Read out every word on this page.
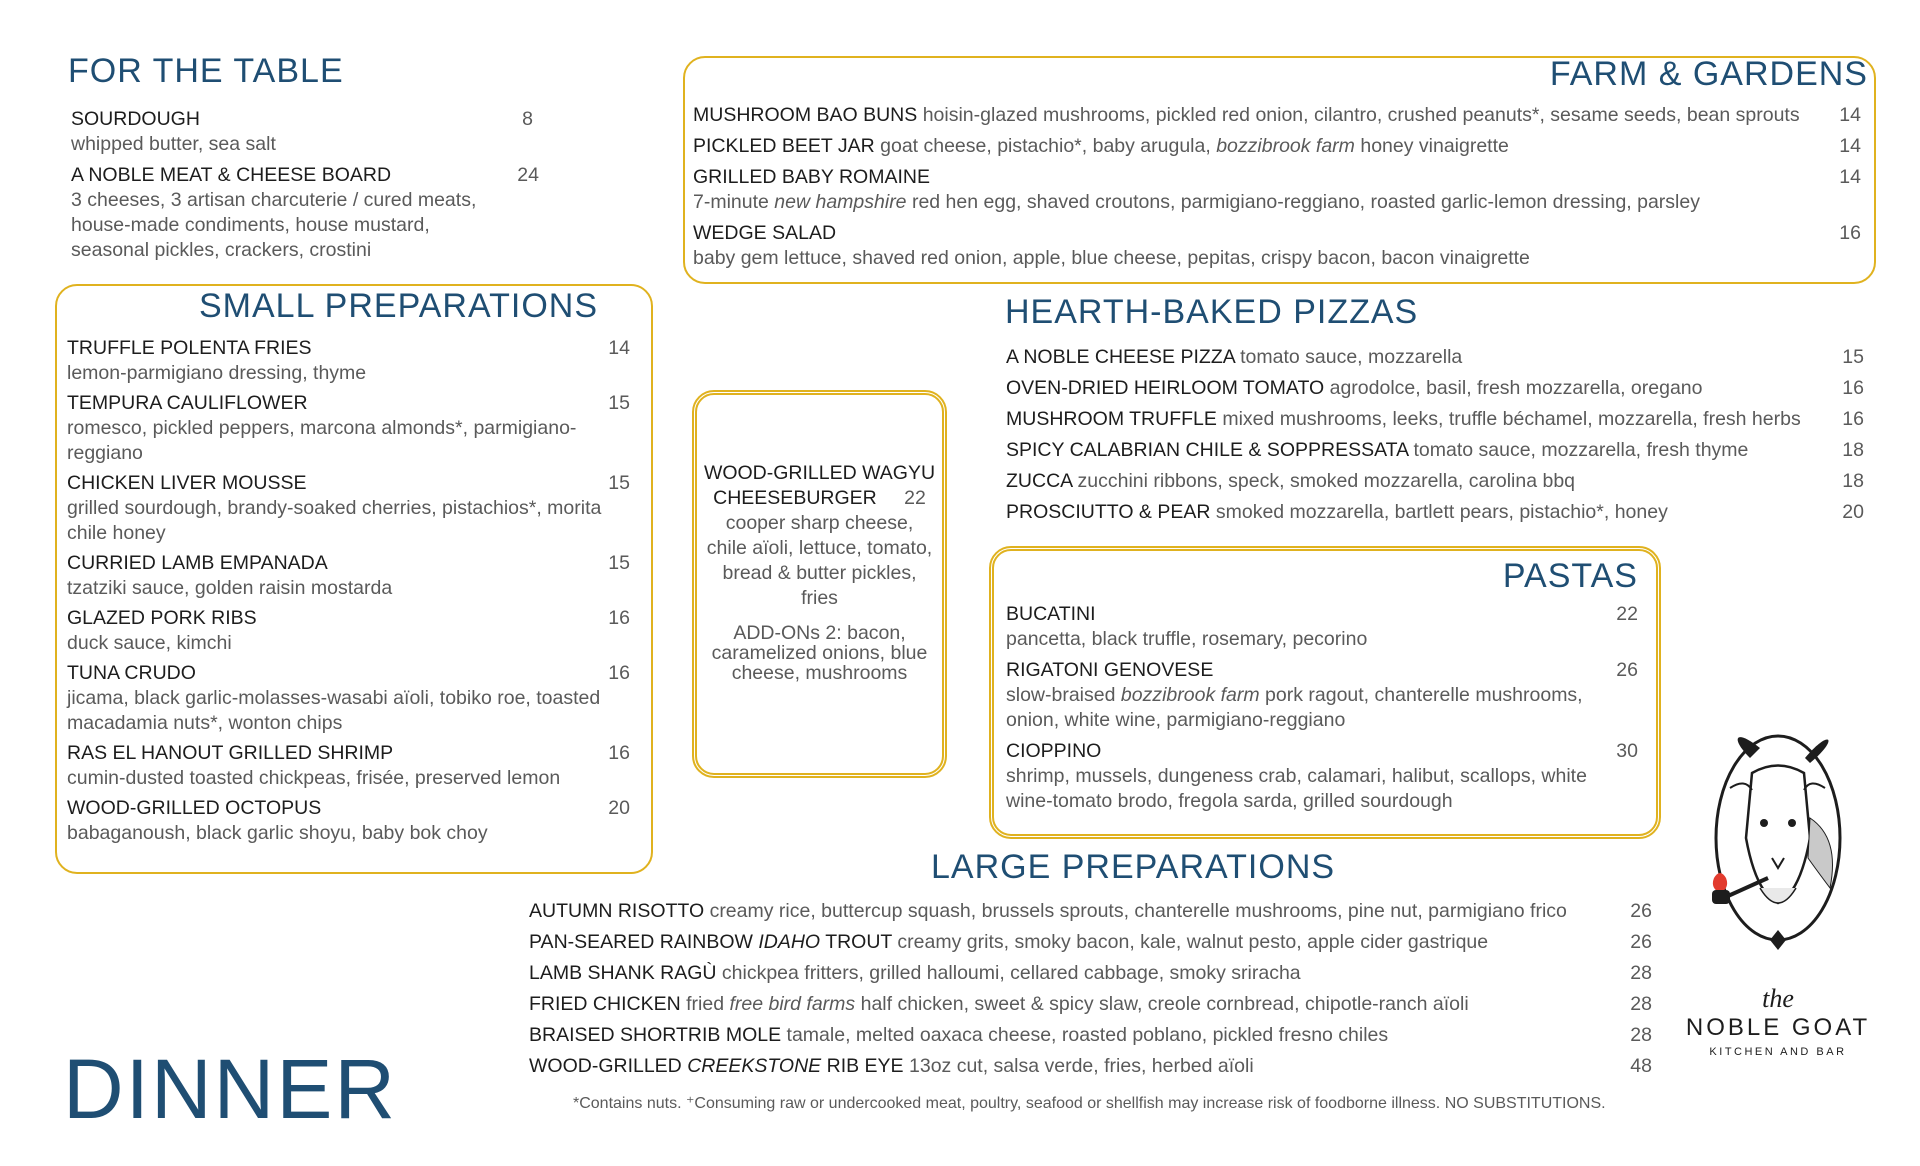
FOR THE TABLE
SOURDOUGH	8
whipped butter, sea salt
A NOBLE MEAT & CHEESE BOARD	24
3 cheeses, 3 artisan charcuterie / cured meats, house-made condiments, house mustard, seasonal pickles, crackers, crostini
SMALL PREPARATIONS
TRUFFLE POLENTA FRIES	14
lemon-parmigiano dressing, thyme
TEMPURA CAULIFLOWER	15
romesco, pickled peppers, marcona almonds*, parmigiano-reggiano
CHICKEN LIVER MOUSSE	15
grilled sourdough, brandy-soaked cherries, pistachios*, morita chile honey
CURRIED LAMB EMPANADA	15
tzatziki sauce, golden raisin mostarda
GLAZED PORK RIBS	16
duck sauce, kimchi
TUNA CRUDO	16
jicama, black garlic-molasses-wasabi aïoli, tobiko roe, toasted macadamia nuts*, wonton chips
RAS EL HANOUT GRILLED SHRIMP	16
cumin-dusted toasted chickpeas, frisée, preserved lemon
WOOD-GRILLED OCTOPUS	20
babaganoush, black garlic shoyu, baby bok choy
WOOD-GRILLED WAGYU
CHEESEBURGER 22
cooper sharp cheese, chile aïoli, lettuce, tomato, bread & butter pickles, fries
ADD-ONs 2: bacon, caramelized onions, blue cheese, mushrooms
FARM & GARDENS
MUSHROOM BAO BUNS hoisin-glazed mushrooms, pickled red onion, cilantro, crushed peanuts*, sesame seeds, bean sprouts 14
PICKLED BEET JAR goat cheese, pistachio*, baby arugula, bozzibrook farm honey vinaigrette	14
GRILLED BABY ROMAINE	14
7-minute new hampshire red hen egg, shaved croutons, parmigiano-reggiano, roasted garlic-lemon dressing, parsley
WEDGE SALAD	16
baby gem lettuce, shaved red onion, apple, blue cheese, pepitas, crispy bacon, bacon vinaigrette
HEARTH-BAKED PIZZAS
A NOBLE CHEESE PIZZA tomato sauce, mozzarella	15
OVEN-DRIED HEIRLOOM TOMATO agrodolce, basil, fresh mozzarella, oregano	16
MUSHROOM TRUFFLE mixed mushrooms, leeks, truffle béchamel, mozzarella, fresh herbs 16
SPICY CALABRIAN CHILE & SOPPRESSATA tomato sauce, mozzarella, fresh thyme	18
ZUCCA zucchini ribbons, speck, smoked mozzarella, carolina bbq	18
PROSCIUTTO & PEAR smoked mozzarella, bartlett pears, pistachio*, honey	20
PASTAS
BUCATINI	22
pancetta, black truffle, rosemary, pecorino
RIGATONI GENOVESE	26
slow-braised bozzibrook farm pork ragout, chanterelle mushrooms, onion, white wine, parmigiano-reggiano
CIOPPINO	30
shrimp, mussels, dungeness crab, calamari, halibut, scallops, white wine-tomato brodo, fregola sarda, grilled sourdough
LARGE PREPARATIONS
AUTUMN RISOTTO creamy rice, buttercup squash, brussels sprouts, chanterelle mushrooms, pine nut, parmigiano frico	26
PAN-SEARED RAINBOW IDAHO TROUT creamy grits, smoky bacon, kale, walnut pesto, apple cider gastrique	26
LAMB SHANK RAGÙ chickpea fritters, grilled halloumi, cellared cabbage, smoky sriracha	28
FRIED CHICKEN fried free bird farms half chicken, sweet & spicy slaw, creole cornbread, chipotle-ranch aïoli	28
BRAISED SHORTRIB MOLE tamale, melted oaxaca cheese, roasted poblano, pickled fresno chiles	28
WOOD-GRILLED CREEKSTONE RIB EYE 13oz cut, salsa verde, fries, herbed aïoli	48
DINNER	*Contains nuts. ⁺Consuming raw or undercooked meat, poultry, seafood or shellfish may increase risk of foodborne illness. NO SUBSTITUTIONS.
the
NOBLE GOAT
KITCHEN AND BAR
